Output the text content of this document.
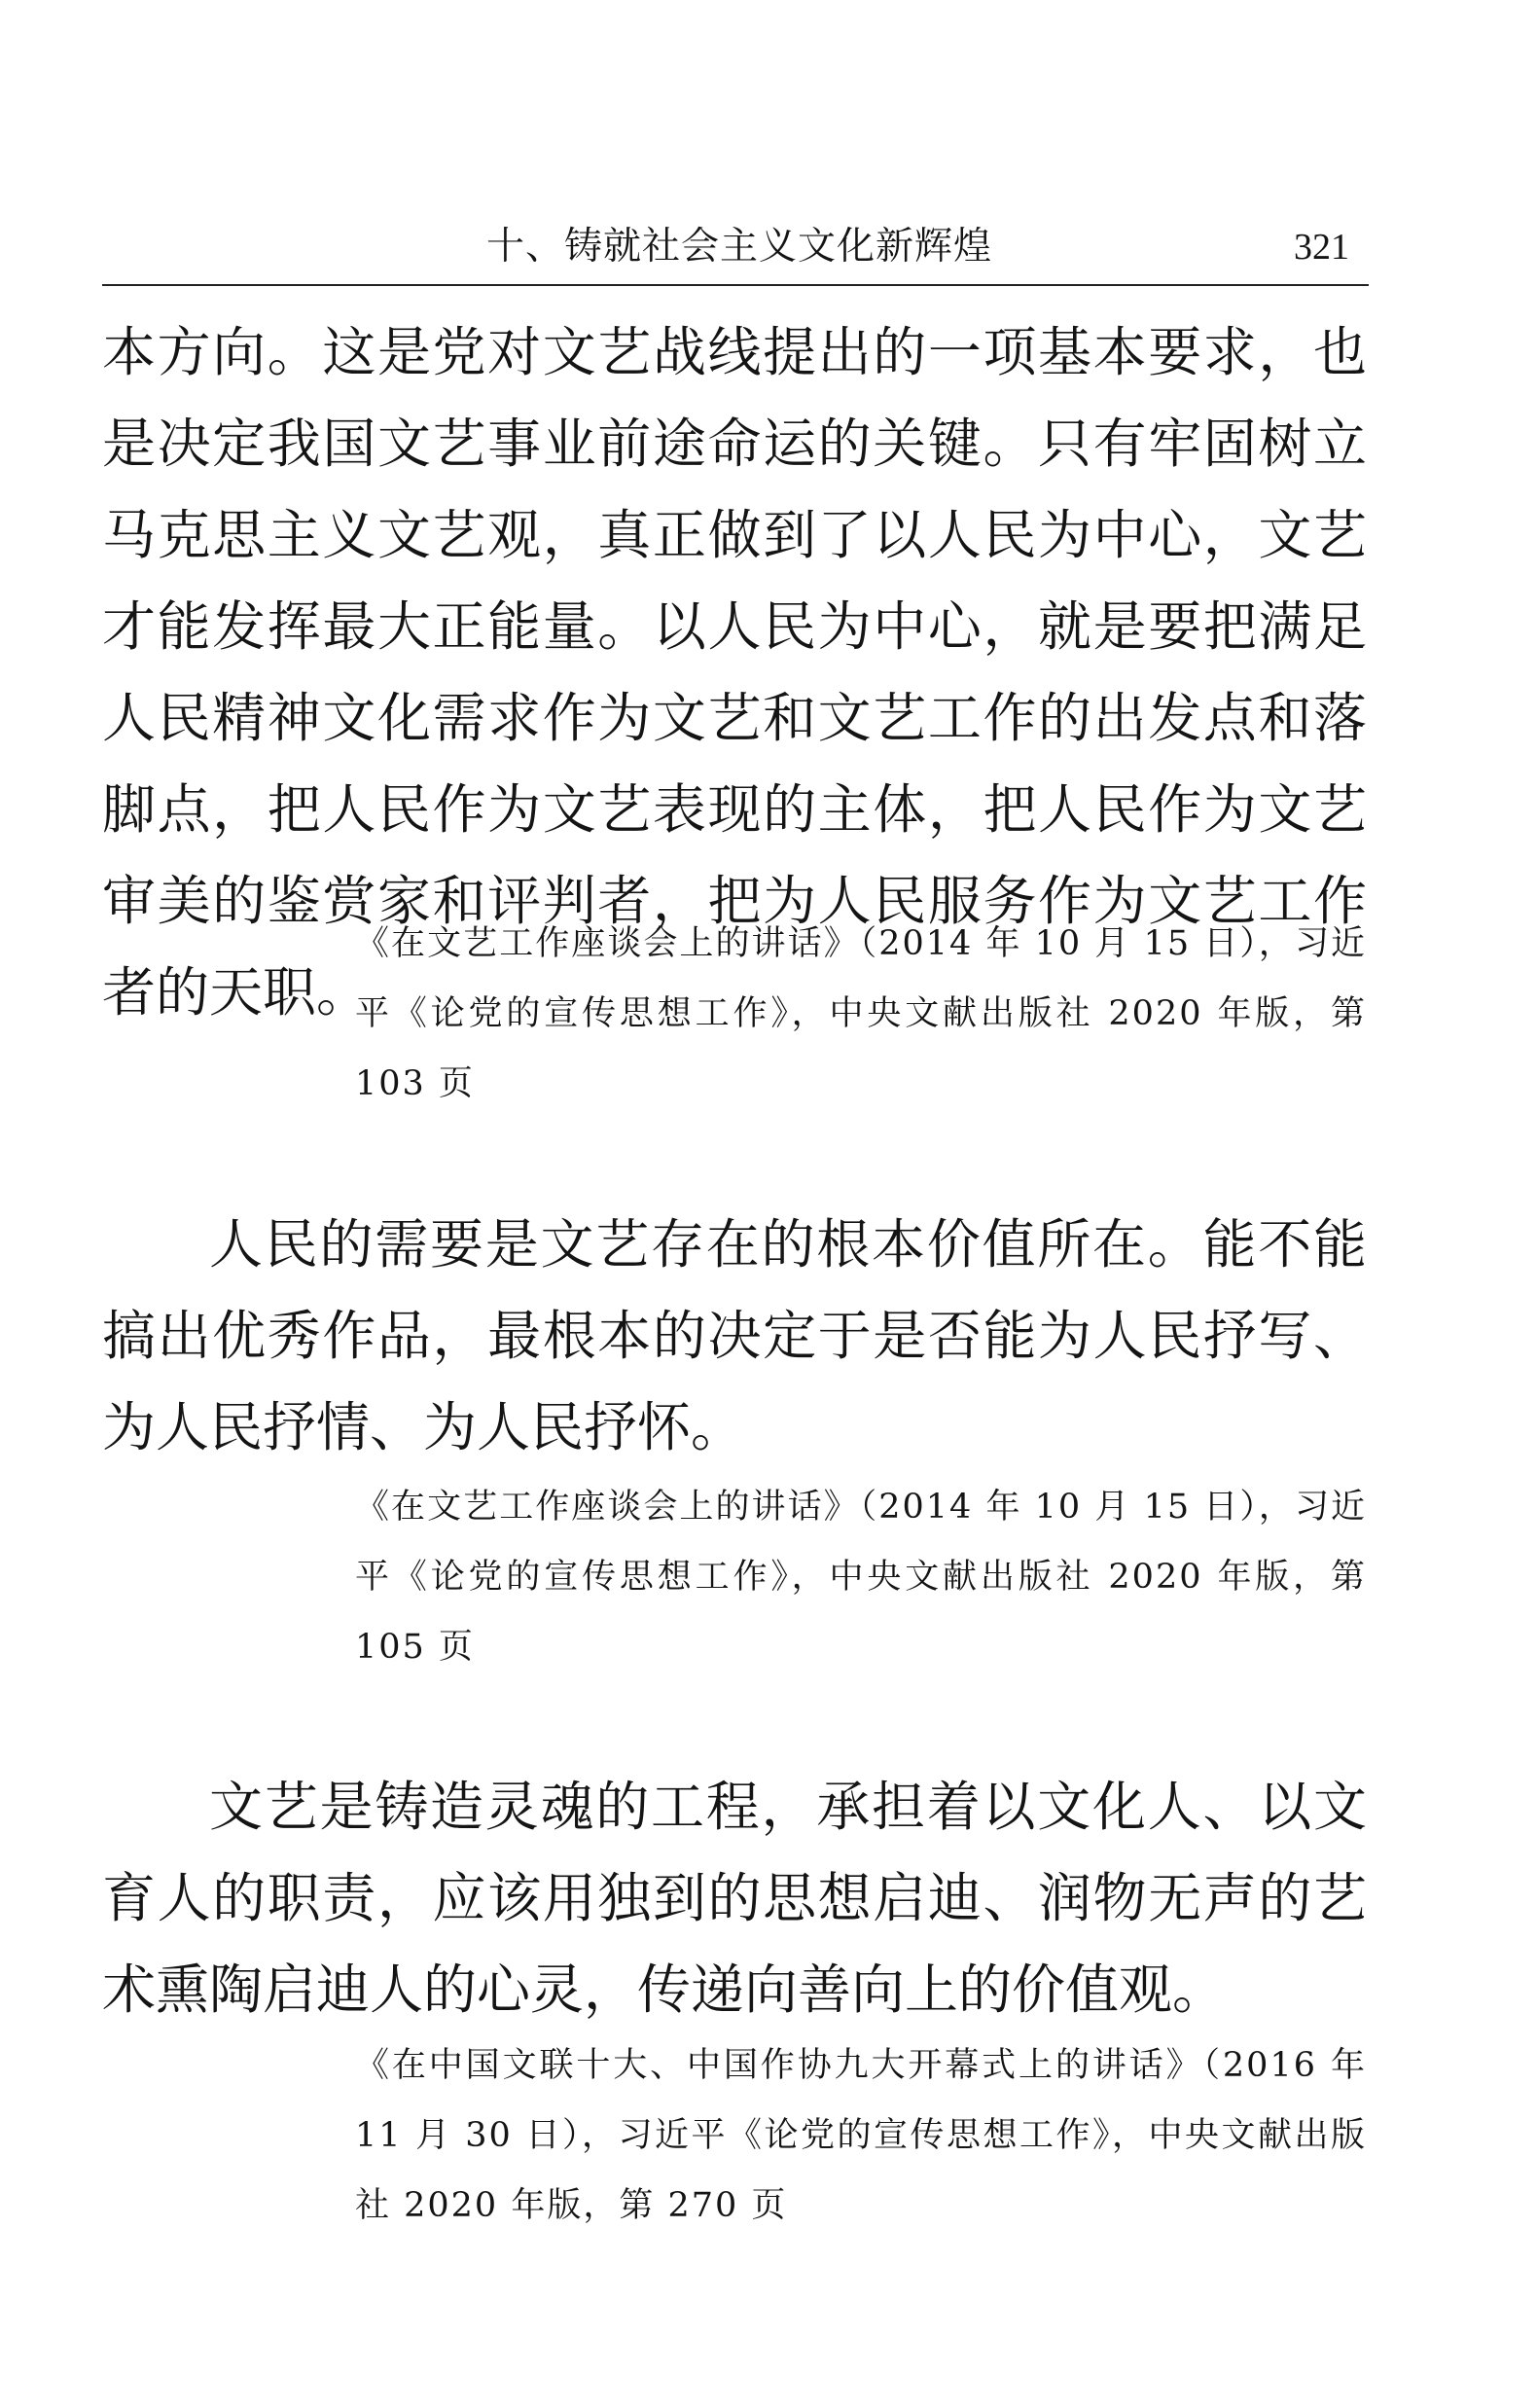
十、铸就社会主义文化新辉煌	321

本方向。这是党对文艺战线提出的一项基本要求，也是决定我国文艺事业前途命运的关键。只有牢固树立马克思主义文艺观，真正做到了以人民为中心，文艺才能发挥最大正能量。以人民为中心，就是要把满足人民精神文化需求作为文艺和文艺工作的出发点和落脚点，把人民作为文艺表现的主体，把人民作为文艺审美的鉴赏家和评判者，把为人民服务作为文艺工作者的天职。

《在文艺工作座谈会上的讲话》（2014 年 10 月 15 日），习近平《论党的宣传思想工作》，中央文献出版社 2020 年版，第 103 页

人民的需要是文艺存在的根本价值所在。能不能搞出优秀作品，最根本的决定于是否能为人民抒写、为人民抒情、为人民抒怀。

《在文艺工作座谈会上的讲话》（2014 年 10 月 15 日），习近平《论党的宣传思想工作》，中央文献出版社 2020 年版，第 105 页

文艺是铸造灵魂的工程，承担着以文化人、以文育人的职责，应该用独到的思想启迪、润物无声的艺术熏陶启迪人的心灵，传递向善向上的价值观。

《在中国文联十大、中国作协九大开幕式上的讲话》（2016 年 11 月 30 日），习近平《论党的宣传思想工作》，中央文献出版社 2020 年版，第 270 页
